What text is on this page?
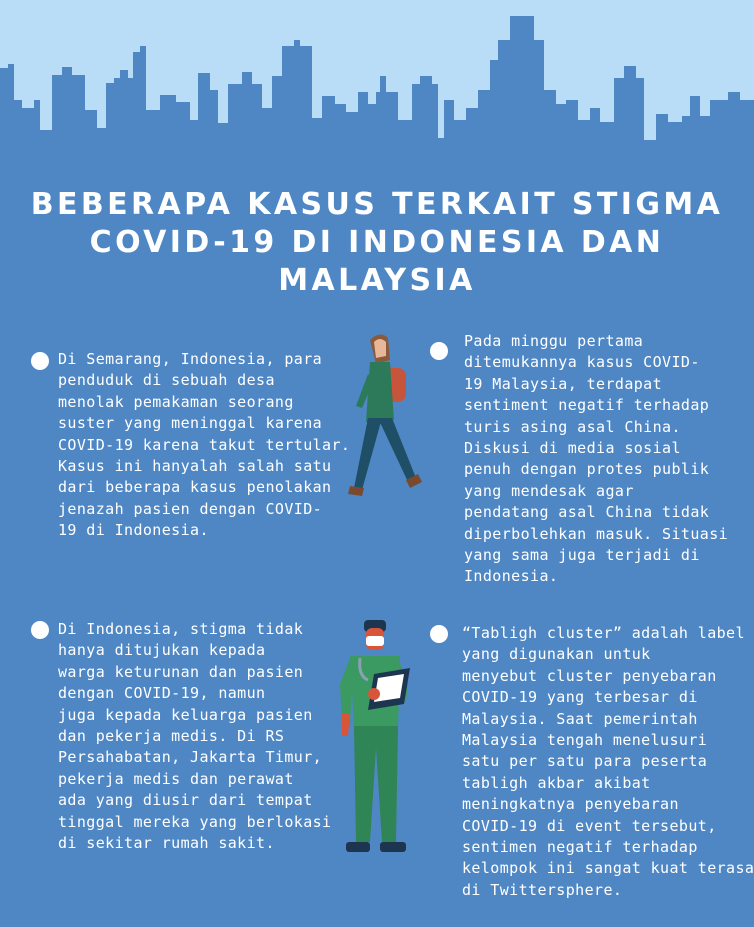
BEBERAPA KASUS TERKAIT STIGMA
COVID-19 DI INDONESIA DAN
MALAYSIA

Di Semarang, Indonesia, para

penduduk di sebuah desa

menolak pemakaman seorang

suster yang meninggal karena

COVID-19 karena takut tertular.

Kasus ini hanyalah salah satu

dari beberapa kasus penolakan

jenazah pasien dengan COVID-

19 di Indonesia.

Pada minggu pertama

ditemukannya kasus COVID-

19 Malaysia, terdapat

sentiment negatif terhadap

turis asing asal China.

Diskusi di media sosial

penuh dengan protes publik

yang mendesak agar

pendatang asal China tidak

diperbolehkan masuk. Situasi

yang sama juga terjadi di

Indonesia.

Di Indonesia, stigma tidak

hanya ditujukan kepada

warga keturunan dan pasien

dengan COVID-19, namun

juga kepada keluarga pasien

dan pekerja medis. Di RS

Persahabatan, Jakarta Timur,

pekerja medis dan perawat

ada yang diusir dari tempat

tinggal mereka yang berlokasi

di sekitar rumah sakit.

“Tabligh cluster” adalah label

yang digunakan untuk

menyebut cluster penyebaran

COVID-19 yang terbesar di

Malaysia. Saat pemerintah

Malaysia tengah menelusuri

satu per satu para peserta

tabligh akbar akibat

meningkatnya penyebaran

COVID-19 di event tersebut,

sentimen negatif terhadap

kelompok ini sangat kuat terasa

di Twittersphere.
